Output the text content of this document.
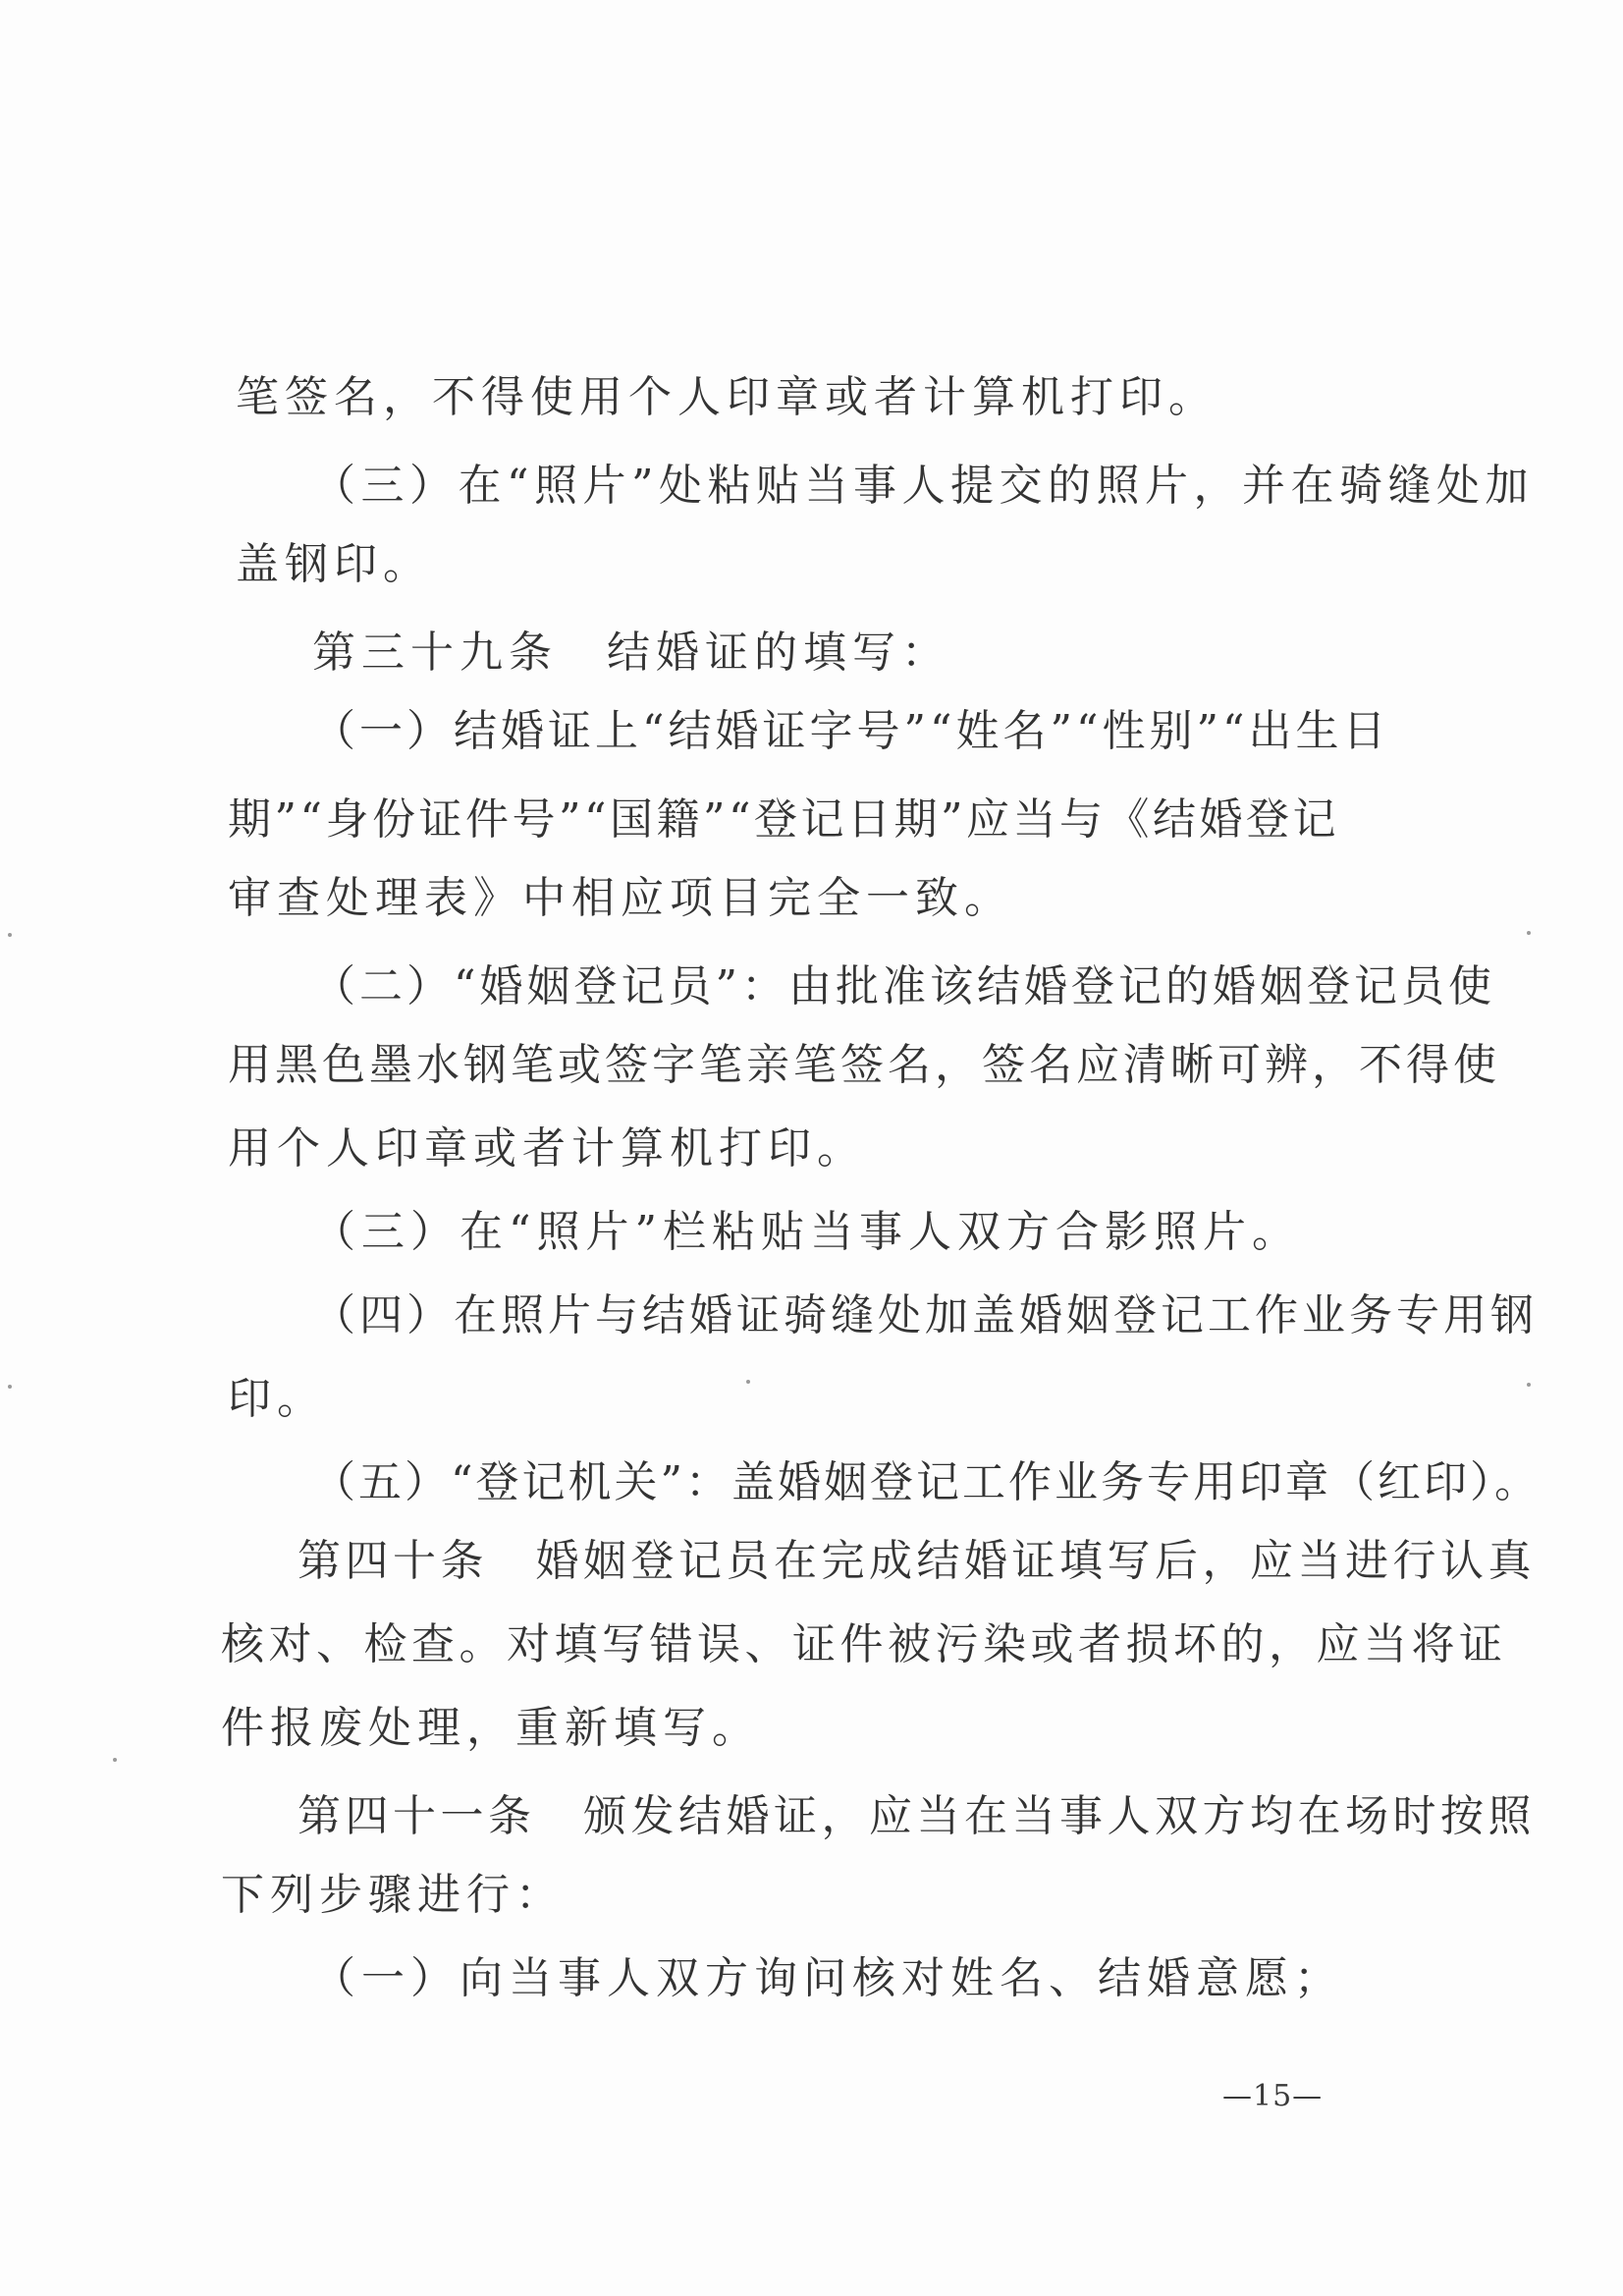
笔签名，不得使用个人印章或者计算机打印。
（三）在“照片”处粘贴当事人提交的照片，并在骑缝处加
盖钢印。
第三十九条　结婚证的填写：
（一）结婚证上“结婚证字号”“姓名”“性别”“出生日
期”“身份证件号”“国籍”“登记日期”应当与《结婚登记
审查处理表》中相应项目完全一致。
（二）“婚姻登记员”：由批准该结婚登记的婚姻登记员使
用黑色墨水钢笔或签字笔亲笔签名，签名应清晰可辨，不得使
用个人印章或者计算机打印。
（三）在“照片”栏粘贴当事人双方合影照片。
（四）在照片与结婚证骑缝处加盖婚姻登记工作业务专用钢
印。
（五）“登记机关”：盖婚姻登记工作业务专用印章（红印）。
第四十条　婚姻登记员在完成结婚证填写后，应当进行认真
核对、检查。对填写错误、证件被污染或者损坏的，应当将证
件报废处理，重新填写。
第四十一条　颁发结婚证，应当在当事人双方均在场时按照
下列步骤进行：
（一）向当事人双方询问核对姓名、结婚意愿；
—15—
